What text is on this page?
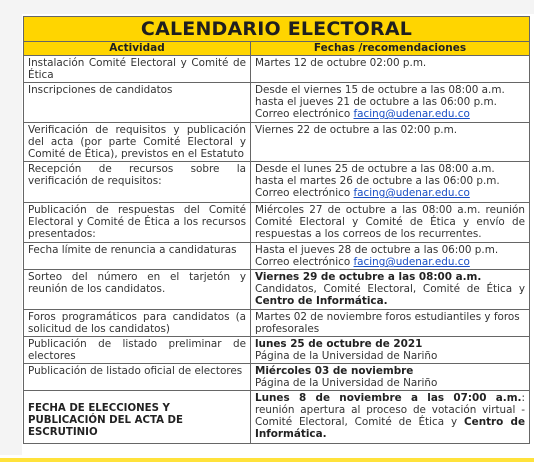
CALENDARIO ELECTORAL	
Actividad	Fechas /recomendaciones
Instalación Comité Electoral y Comité de Ética	Martes 12 de octubre 02:00 p.m.
Inscripciones de candidatos	Desde el viernes 15 de octubre a las 08:00 a.m. hasta el jueves 21 de octubre a las 06:00 p.m.
Correo electrónico facing@udenar.edu.co
Verificación de requisitos y publicación del acta (por parte Comité Electoral y Comité de Ética), previstos en el Estatuto	Viernes 22 de octubre a las 02:00 p.m.
Recepción de recursos sobre la verificación de requisitos:	Desde el lunes 25 de octubre a las 08:00 a.m. hasta el martes 26 de octubre a las 06:00 p.m.
Correo electrónico facing@udenar.edu.co
Publicación de respuestas del Comité Electoral y Comité de Ética a los recursos presentados:	Miércoles 27 de octubre a las 08:00 a.m. reunión Comité Electoral y Comité de Ética y envío de respuestas a los correos de los recurrentes.
Fecha límite de renuncia a candidaturas	Hasta el jueves 28 de octubre a las 06:00 p.m.
Correo electrónico facing@udenar.edu.co
Sorteo del número en el tarjetón y reunión de los candidatos.	Viernes 29 de octubre a las 08:00 a.m.
Candidatos, Comité Electoral, Comité de Ética y Centro de Informática.
Foros programáticos para candidatos (a solicitud de los candidatos)	Martes 02 de noviembre foros estudiantiles y foros profesorales
Publicación de listado preliminar de electores	lunes 25 de octubre de 2021
Página de la Universidad de Nariño
Publicación de listado oficial de electores	Miércoles 03 de noviembre
Página de la Universidad de Nariño
FECHA DE ELECCIONES Y PUBLICACIÓN DEL ACTA DE ESCRUTINIO	Lunes 8 de noviembre a las 07:00 a.m.: reunión apertura al proceso de votación virtual - Comité Electoral, Comité de Ética y Centro de Informática.
